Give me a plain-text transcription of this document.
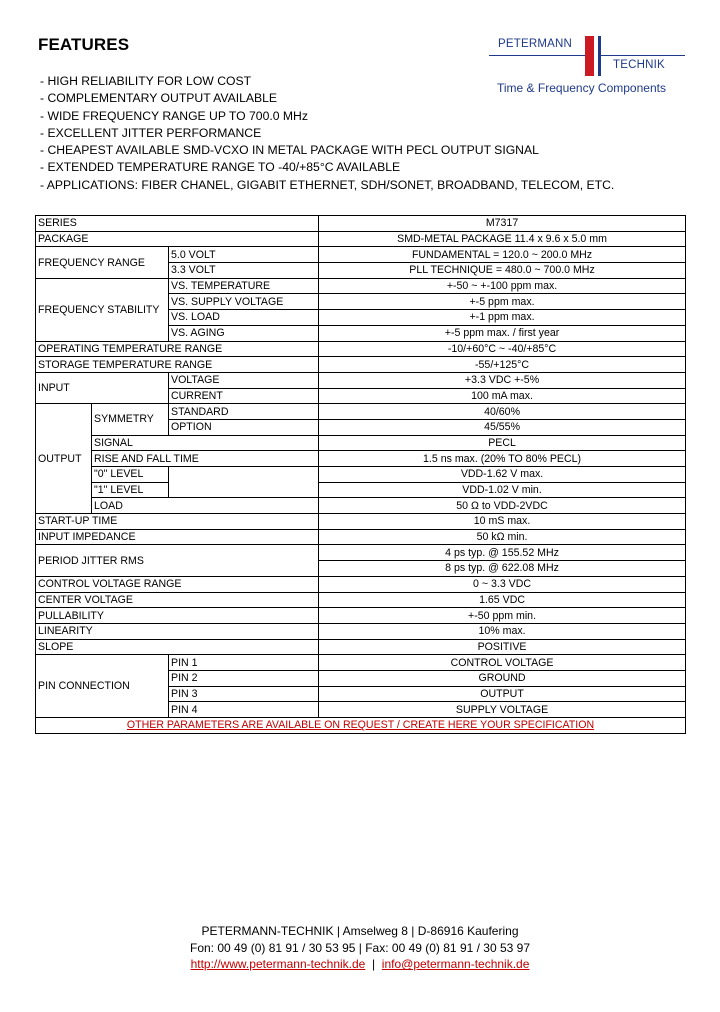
FEATURES	PETERMANN
TECHNIK
Time & Frequency Components
- HIGH RELIABILITY FOR LOW COST
- COMPLEMENTARY OUTPUT AVAILABLE
- WIDE FREQUENCY RANGE UP TO 700.0 MHz
- EXCELLENT JITTER PERFORMANCE
- CHEAPEST AVAILABLE SMD-VCXO IN METAL PACKAGE WITH PECL OUTPUT SIGNAL
- EXTENDED TEMPERATURE RANGE TO -40/+85°C AVAILABLE
- APPLICATIONS: FIBER CHANEL, GIGABIT ETHERNET, SDH/SONET, BROADBAND, TELECOM, ETC.
SERIES			M7317
PACKAGE			SMD-METAL PACKAGE 11.4 x 9.6 x 5.0 mm
FREQUENCY RANGE		5.0 VOLT	FUNDAMENTAL = 120.0 ~ 200.0 MHz
		3.3 VOLT	PLL TECHNIQUE = 480.0 ~ 700.0 MHz
FREQUENCY STABILITY		VS. TEMPERATURE	+-50 ~ +-100 ppm max.
		VS. SUPPLY VOLTAGE	+-5 ppm max.
		VS. LOAD	+-1 ppm max.
		VS. AGING	+-5 ppm max. / first year
OPERATING TEMPERATURE RANGE			-10/+60°C ~ -40/+85°C
STORAGE TEMPERATURE RANGE			-55/+125°C
INPUT		VOLTAGE	+3.3 VDC +-5%
		CURRENT	100 mA max.
OUTPUT	SYMMETRY	STANDARD	40/60%
		OPTION	45/55%
	SIGNAL		PECL
	RISE AND FALL TIME		1.5 ns max. (20% TO 80% PECL)
	"0" LEVEL		VDD-1.62 V max.
	"1" LEVEL		VDD-1.02 V min.
	LOAD		50 Ω to VDD-2VDC
START-UP TIME			10 mS max.
INPUT IMPEDANCE			50 kΩ min.
PERIOD JITTER RMS			4 ps typ. @ 155.52 MHz
			8 ps typ. @ 622.08 MHz
CONTROL VOLTAGE RANGE			0 ~ 3.3 VDC
CENTER VOLTAGE			1.65 VDC
PULLABILITY			+-50 ppm min.
LINEARITY			10% max.
SLOPE			POSITIVE
PIN CONNECTION		PIN 1	CONTROL VOLTAGE
		PIN 2	GROUND
		PIN 3	OUTPUT
		PIN 4	SUPPLY VOLTAGE
OTHER PARAMETERS ARE AVAILABLE ON REQUEST / CREATE HERE YOUR SPECIFICATION			
PETERMANN-TECHNIK | Amselweg 8 | D-86916 Kaufering
Fon: 00 49 (0) 81 91 / 30 53 95 | Fax: 00 49 (0) 81 91 / 30 53 97
http://www.petermann-technik.de  |  info@petermann-technik.de
